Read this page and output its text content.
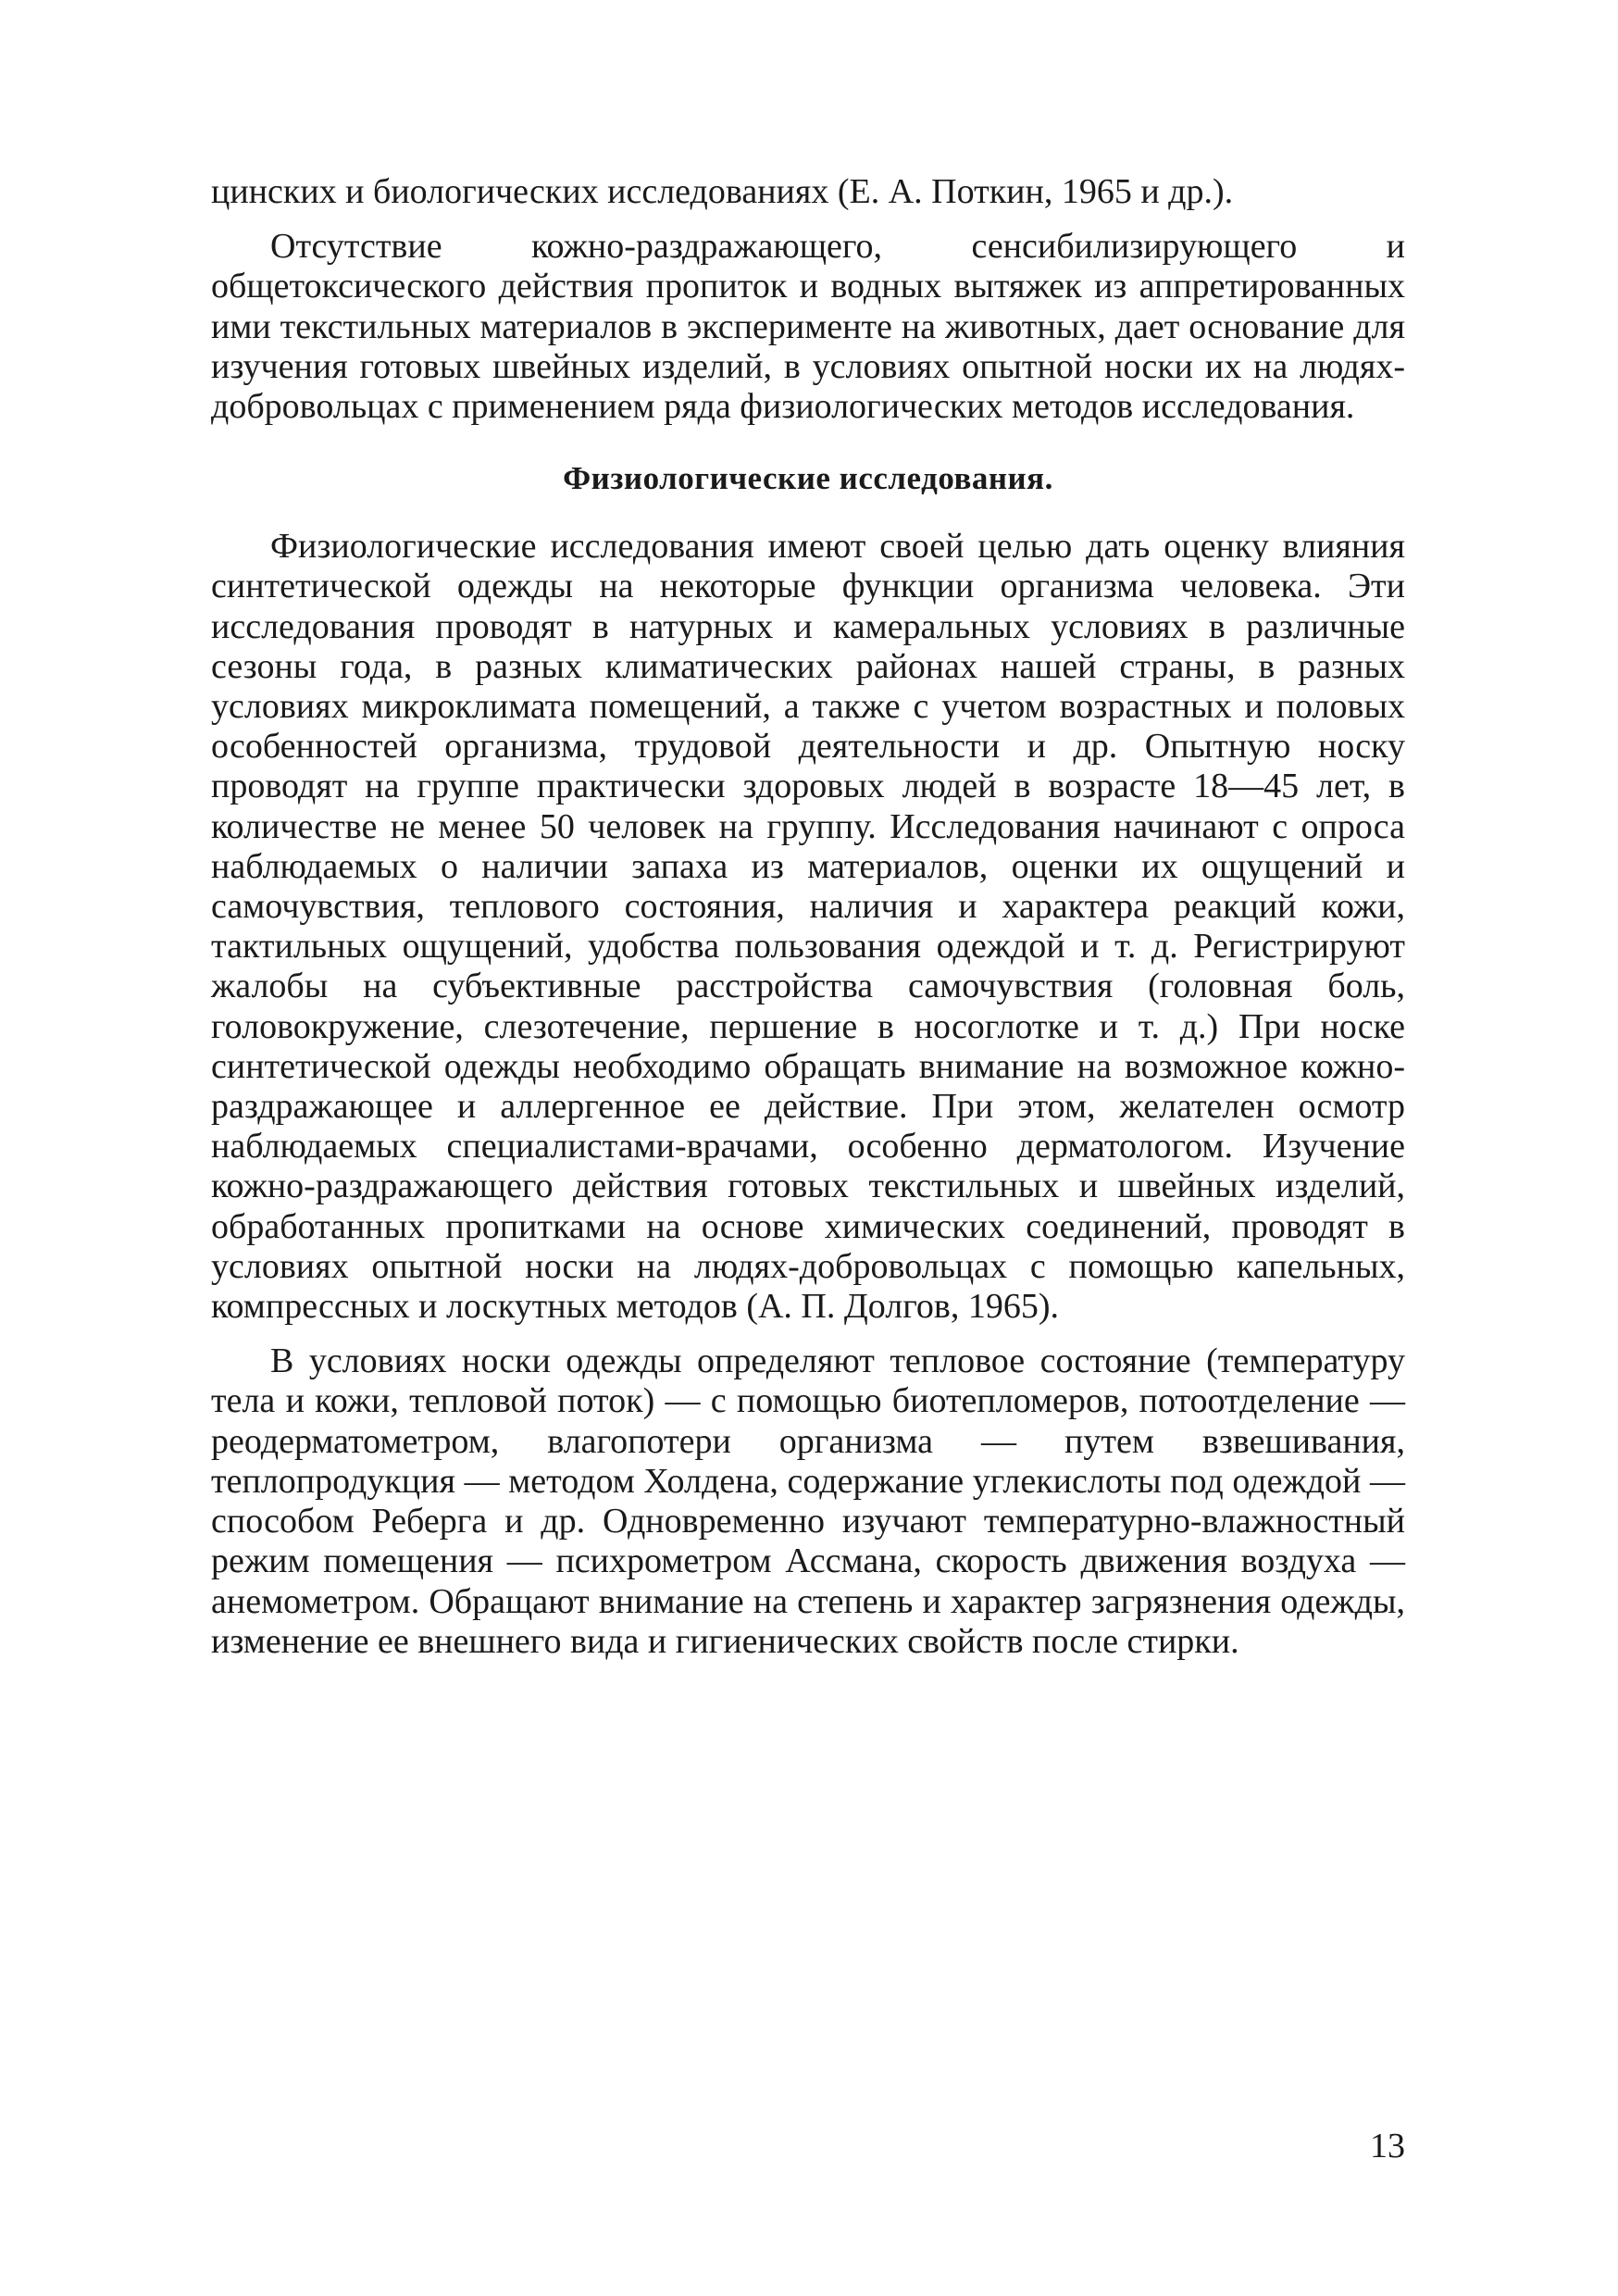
цинских и биологических исследованиях (Е. А. Поткин, 1965 и др.).

Отсутствие кожно-раздражающего, сенсибилизирующего и общетоксического действия пропиток и водных вытяжек из аппретированных ими текстильных материалов в эксперименте на животных, дает основание для изучения готовых швейных изделий, в условиях опытной носки их на людях-добровольцах с применением ряда физиологических методов исследования.

Физиологические исследования.

Физиологические исследования имеют своей целью дать оценку влияния синтетической одежды на некоторые функции организма человека. Эти исследования проводят в натурных и камеральных условиях в различные сезоны года, в разных климатических районах нашей страны, в разных условиях микроклимата помещений, а также с учетом возрастных и половых особенностей организма, трудовой деятельности и др. Опытную носку проводят на группе практически здоровых людей в возрасте 18—45 лет, в количестве не менее 50 человек на группу. Исследования начинают с опроса наблюдаемых о наличии запаха из материалов, оценки их ощущений и самочувствия, теплового состояния, наличия и характера реакций кожи, тактильных ощущений, удобства пользования одеждой и т. д. Регистрируют жалобы на субъективные расстройства самочувствия (головная боль, головокружение, слезотечение, першение в носоглотке и т. д.) При носке синтетической одежды необходимо обращать внимание на возможное кожно-раздражающее и аллергенное ее действие. При этом, желателен осмотр наблюдаемых специалистами-врачами, особенно дерматологом. Изучение кожно-раздражающего действия готовых текстильных и швейных изделий, обработанных пропитками на основе химических соединений, проводят в условиях опытной носки на людях-добровольцах с помощью капельных, компрессных и лоскутных методов (А. П. Долгов, 1965).

В условиях носки одежды определяют тепловое состояние (температуру тела и кожи, тепловой поток) — с помощью биотепломеров, потоотделение — реодерматометром, влагопотери организма — путем взвешивания, теплопродукция — методом Холдена, содержание углекислоты под одеждой — способом Реберга и др. Одновременно изучают температурно-влажностный режим помещения — психрометром Ассмана, скорость движения воздуха — анемометром. Обращают внимание на степень и характер загрязнения одежды, изменение ее внешнего вида и гигиенических свойств после стирки.

13
